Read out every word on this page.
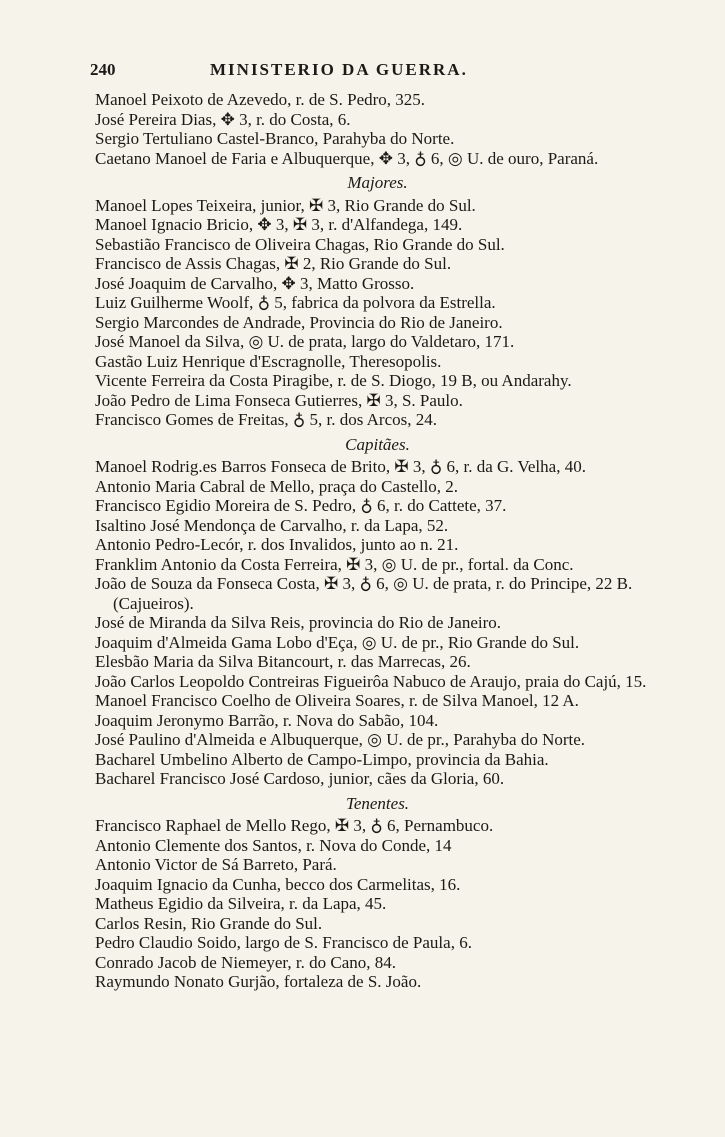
240	MINISTERIO DA GUERRA.

Manoel Peixoto de Azevedo, r. de S. Pedro, 325.

José Pereira Dias, ✥ 3, r. do Costa, 6.

Sergio Tertuliano Castel-Branco, Parahyba do Norte.

Caetano Manoel de Faria e Albuquerque, ✥ 3, ♁ 6, ◎ U. de ouro, Paraná.

Majores.

Manoel Lopes Teixeira, junior, ✠ 3, Rio Grande do Sul.

Manoel Ignacio Bricio, ✥ 3, ✠ 3, r. d'Alfandega, 149.

Sebastião Francisco de Oliveira Chagas, Rio Grande do Sul.

Francisco de Assis Chagas, ✠ 2, Rio Grande do Sul.

José Joaquim de Carvalho, ✥ 3, Matto Grosso.

Luiz Guilherme Woolf, ♁ 5, fabrica da polvora da Estrella.

Sergio Marcondes de Andrade, Provincia do Rio de Janeiro.

José Manoel da Silva, ◎ U. de prata, largo do Valdetaro, 171.

Gastão Luiz Henrique d'Escragnolle, Theresopolis.

Vicente Ferreira da Costa Piragibe, r. de S. Diogo, 19 B, ou Andarahy.

João Pedro de Lima Fonseca Gutierres, ✠ 3, S. Paulo.

Francisco Gomes de Freitas, ♁ 5, r. dos Arcos, 24.

Capitães.

Manoel Rodrig.es Barros Fonseca de Brito, ✠ 3, ♁ 6, r. da G. Velha, 40.

Antonio Maria Cabral de Mello, praça do Castello, 2.

Francisco Egidio Moreira de S. Pedro, ♁ 6, r. do Cattete, 37.

Isaltino José Mendonça de Carvalho, r. da Lapa, 52.

Antonio Pedro-Lecór, r. dos Invalidos, junto ao n. 21.

Franklim Antonio da Costa Ferreira, ✠ 3, ◎ U. de pr., fortal. da Conc.

João de Souza da Fonseca Costa, ✠ 3, ♁ 6, ◎ U. de prata, r. do Principe, 22 B. (Cajueiros).

José de Miranda da Silva Reis, provincia do Rio de Janeiro.

Joaquim d'Almeida Gama Lobo d'Eça, ◎ U. de pr., Rio Grande do Sul.

Elesbão Maria da Silva Bitancourt, r. das Marrecas, 26.

João Carlos Leopoldo Contreiras Figueirôa Nabuco de Araujo, praia do Cajú, 15.

Manoel Francisco Coelho de Oliveira Soares, r. de Silva Manoel, 12 A.

Joaquim Jeronymo Barrão, r. Nova do Sabão, 104.

José Paulino d'Almeida e Albuquerque, ◎ U. de pr., Parahyba do Norte.

Bacharel Umbelino Alberto de Campo-Limpo, provincia da Bahia.

Bacharel Francisco José Cardoso, junior, cães da Gloria, 60.

Tenentes.

Francisco Raphael de Mello Rego, ✠ 3, ♁ 6, Pernambuco.

Antonio Clemente dos Santos, r. Nova do Conde, 14

Antonio Victor de Sá Barreto, Pará.

Joaquim Ignacio da Cunha, becco dos Carmelitas, 16.

Matheus Egidio da Silveira, r. da Lapa, 45.

Carlos Resin, Rio Grande do Sul.

Pedro Claudio Soido, largo de S. Francisco de Paula, 6.

Conrado Jacob de Niemeyer, r. do Cano, 84.

Raymundo Nonato Gurjão, fortaleza de S. João.
